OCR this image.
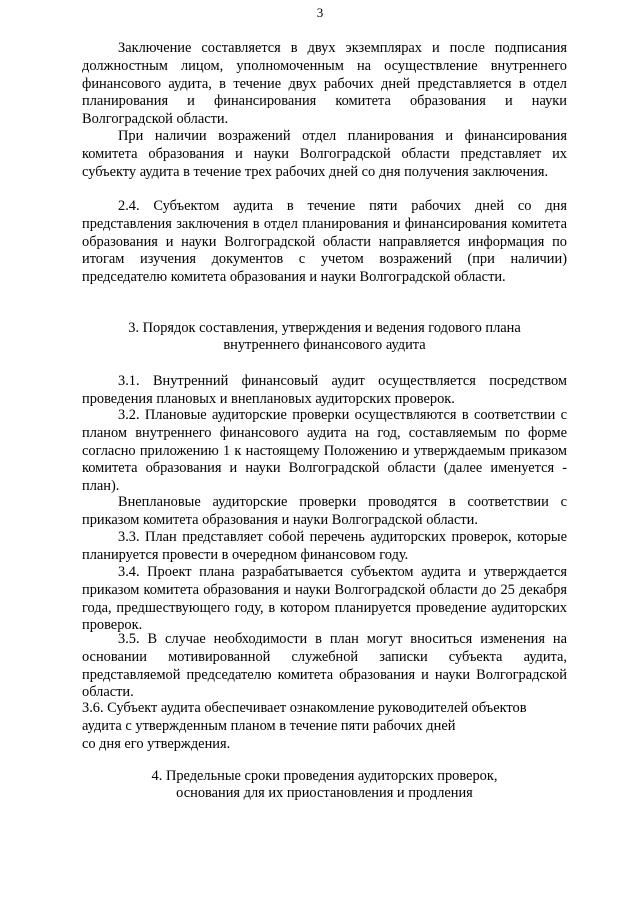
3

Заключение составляется в двух экземплярах и после подписания должностным лицом, уполномоченным на осуществление внутреннего финансового аудита, в течение двух рабочих дней представляется в отдел планирования и финансирования комитета образования и науки Волгоградской области.

При наличии возражений отдел планирования и финансирования комитета образования и науки Волгоградской области представляет их субъекту аудита в течение трех рабочих дней со дня получения заключения.

2.4. Субъектом аудита в течение пяти рабочих дней со дня представления заключения в отдел планирования и финансирования комитета образования и науки Волгоградской области направляется информация по итогам изучения документов с учетом возражений (при наличии) председателю комитета образования и науки Волгоградской области.

3. Порядок составления, утверждения и ведения годового плана
внутреннего финансового аудита

3.1. Внутренний финансовый аудит осуществляется посредством проведения плановых и внеплановых аудиторских проверок.

3.2. Плановые аудиторские проверки осуществляются в соответствии с планом внутреннего финансового аудита на год, составляемым по форме согласно приложению 1 к настоящему Положению и утверждаемым приказом комитета образования и науки Волгоградской области (далее именуется - план).

Внеплановые аудиторские проверки проводятся в соответствии с приказом комитета образования и науки Волгоградской области.

3.3. План представляет собой перечень аудиторских проверок, которые планируется провести в очередном финансовом году.

3.4. Проект плана разрабатывается субъектом аудита и утверждается приказом комитета образования и науки Волгоградской области до 25 декабря года, предшествующего году, в котором планируется проведение аудиторских проверок.

3.5. В случае необходимости в план могут вноситься изменения на основании мотивированной служебной записки субъекта аудита, представляемой председателю комитета образования и науки Волгоградской области.

3.6. Субъект аудита обеспечивает ознакомление руководителей объектов
аудита с утвержденным планом в течение пяти рабочих дней
со дня его утверждения.
4. Предельные сроки проведения аудиторских проверок,
основания для их приостановления и продления
